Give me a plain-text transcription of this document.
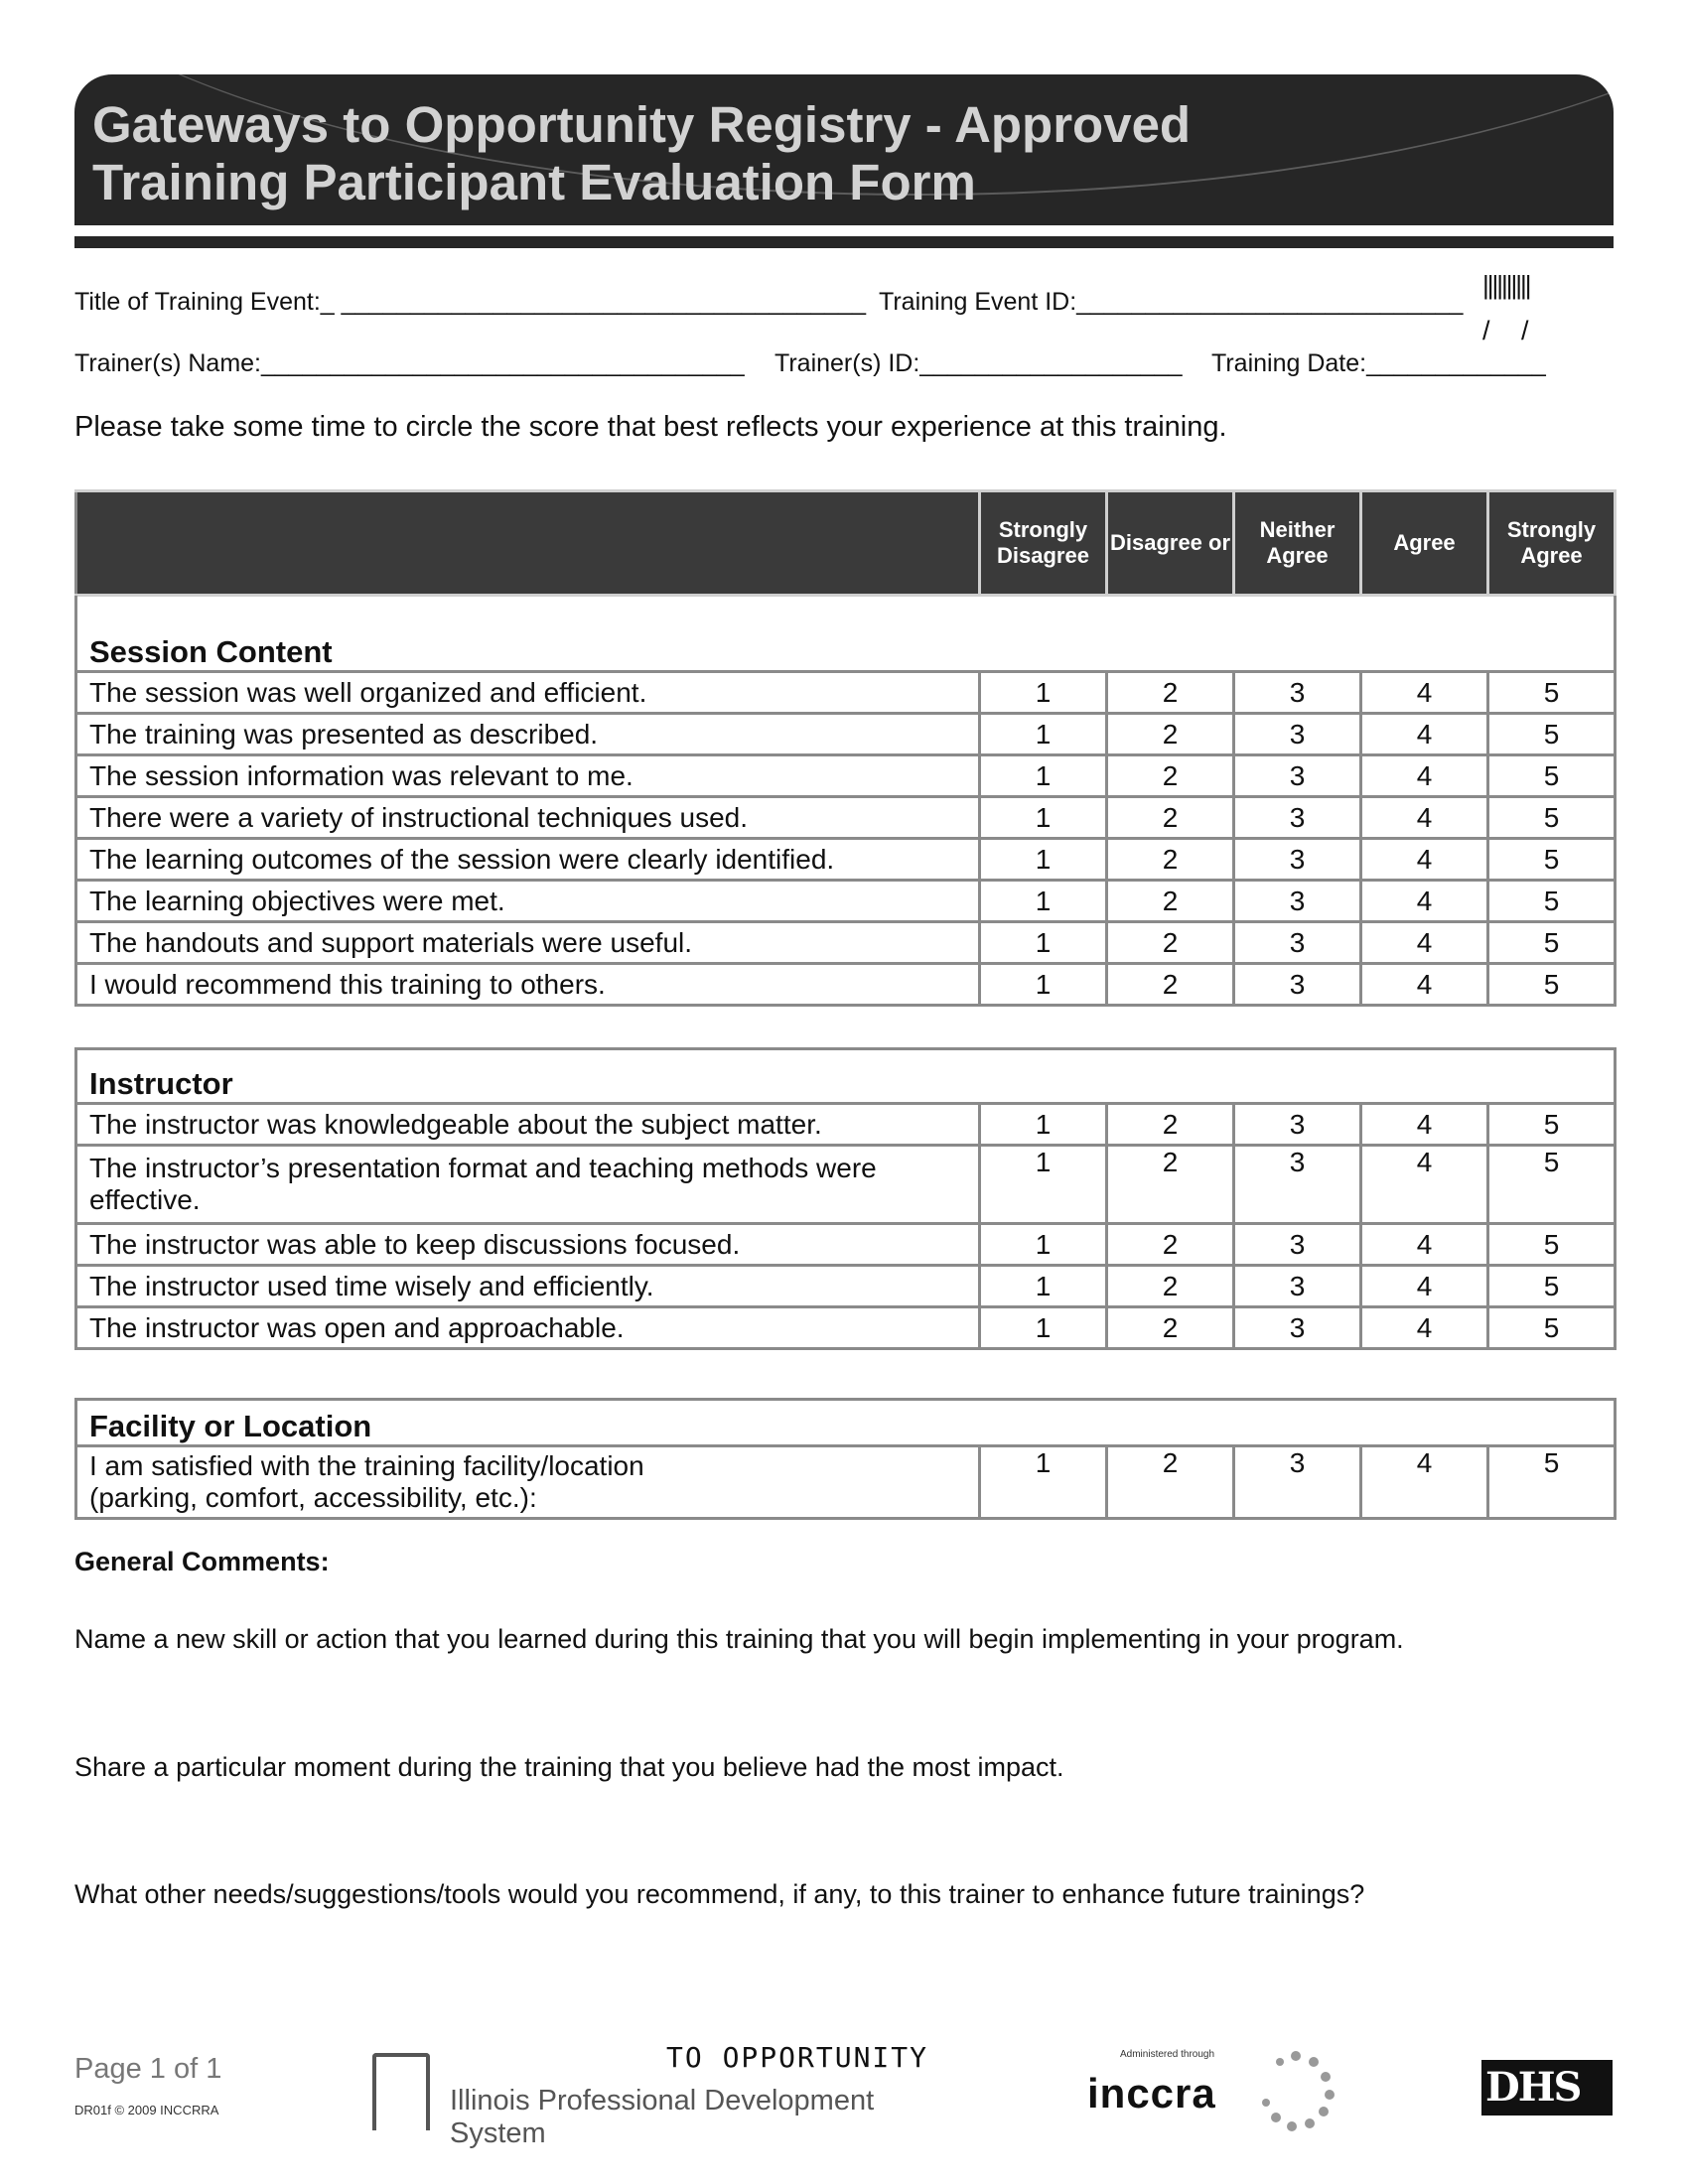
Gateways to Opportunity Registry - Approved
Training Participant Evaluation Form
Title of Training Event:_ ______________________________________ Training Event ID:____________________________
||||||||||
/ /
Trainer(s) Name:___________________________________ Trainer(s) ID:___________________ Training Date:_____________
Please take some time to circle the score that best reflects your experience at this training.
	Strongly Disagree	Disagree or	Neither Agree	Agree	Strongly Agree
Session Content					
The session was well organized and efficient.	1	2	3	4	5
The training was presented as described.	1	2	3	4	5
The session information was relevant to me.	1	2	3	4	5
There were a variety of instructional techniques used.	1	2	3	4	5
The learning outcomes of the session were clearly identified.	1	2	3	4	5
The learning objectives were met.	1	2	3	4	5
The handouts and support materials were useful.	1	2	3	4	5
I would recommend this training to others.	1	2	3	4	5
Instructor					
The instructor was knowledgeable about the subject matter.	1	2	3	4	5
The instructor’s presentation format and teaching methods were effective.	1	2	3	4	5
The instructor was able to keep discussions focused.	1	2	3	4	5
The instructor used time wisely and efficiently.	1	2	3	4	5
The instructor was open and approachable.	1	2	3	4	5
Facility or Location
I am satisfied with the training facility/location
(parking, comfort, accessibility, etc.):	1	2	3	4	5
General Comments:
Name a new skill or action that you learned during this training that you will begin implementing in your program.
Share a particular moment during the training that you believe had the most impact.
What other needs/suggestions/tools would you recommend, if any, to this trainer to enhance future trainings?
Page 1 of 1
DR01f © 2009 INCCRRA
TO OPPORTUNITY
Illinois Professional Development System
Administered through
inccra	DHS
